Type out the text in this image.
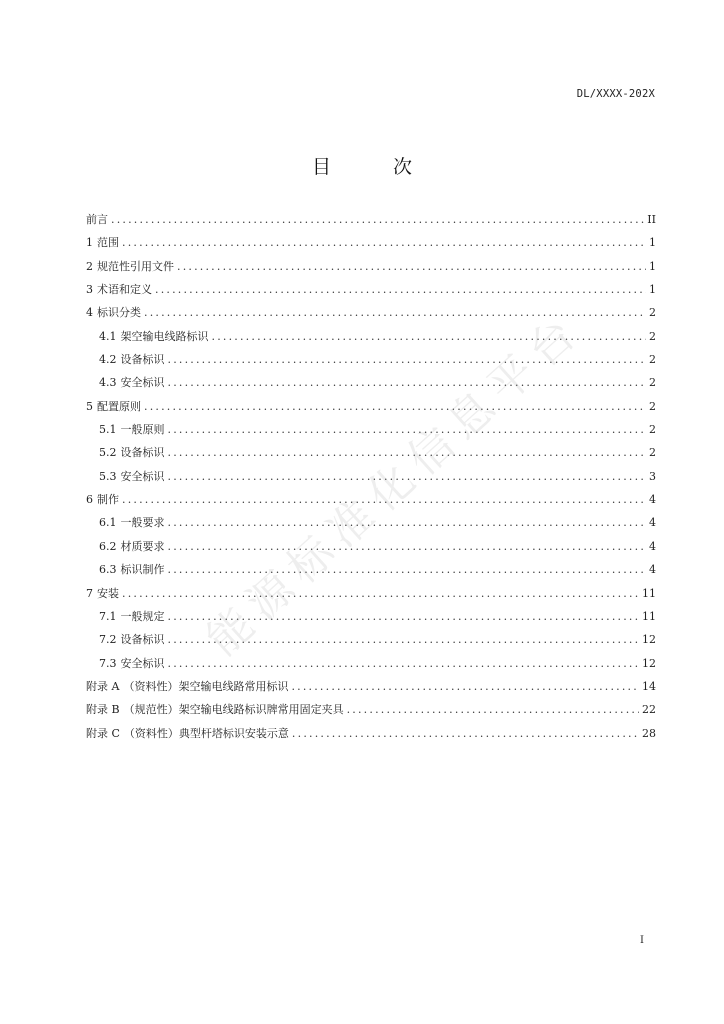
DL/XXXX-202X
目 次
前言 .....	II
1 范围 .....	1
2 规范性引用文件 .....	1
3 术语和定义 .....	1
4 标识分类 .....	2
4.1 架空输电线路标识 .....	2
4.2 设备标识 .....	2
4.3 安全标识 .....	2
5 配置原则 .....	2
5.1 一般原则 .....	2
5.2 设备标识 .....	2
5.3 安全标识 .....	3
6 制作 .....	4
6.1 一般要求 .....	4
6.2 材质要求 .....	4
6.3 标识制作 .....	4
7 安装 .....	11
7.1 一般规定 .....	11
7.2 设备标识 .....	12
7.3 安全标识 .....	12
附录 A （资料性）架空输电线路常用标识 .....	14
附录 B （规范性）架空输电线路标识牌常用固定夹具 .....	22
附录 C （资料性）典型杆塔标识安装示意 .....	28
能源标准化信息平台
I
